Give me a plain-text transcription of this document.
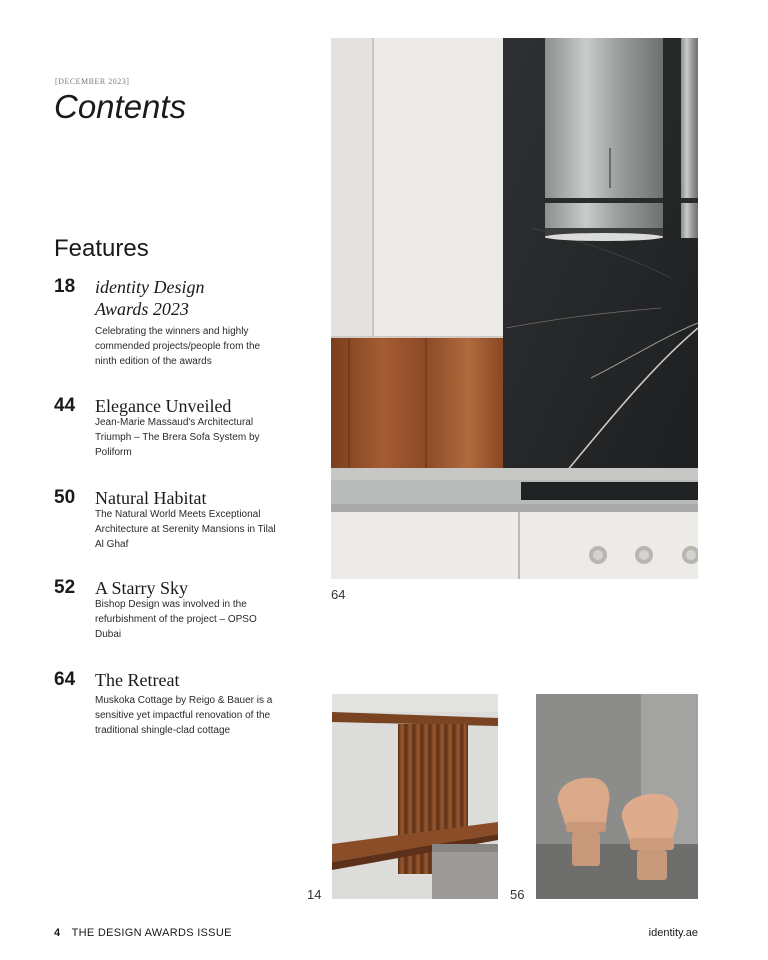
[DECEMBER 2023]
Contents
Features
18 identity Design Awards 2023
Celebrating the winners and highly commended projects/people from the ninth edition of the awards
44 Elegance Unveiled
Jean-Marie Massaud's Architectural Triumph – The Brera Sofa System by Poliform
50 Natural Habitat
The Natural World Meets Exceptional Architecture at Serenity Mansions in Tilal Al Ghaf
52 A Starry Sky
Bishop Design was involved in the refurbishment of the project – OPSO Dubai
64 The Retreat
Muskoka Cottage by Reigo & Bauer is a sensitive yet impactful renovation of the traditional shingle-clad cottage
64
14	56
4 THE DESIGN AWARDS ISSUE	identity.ae
